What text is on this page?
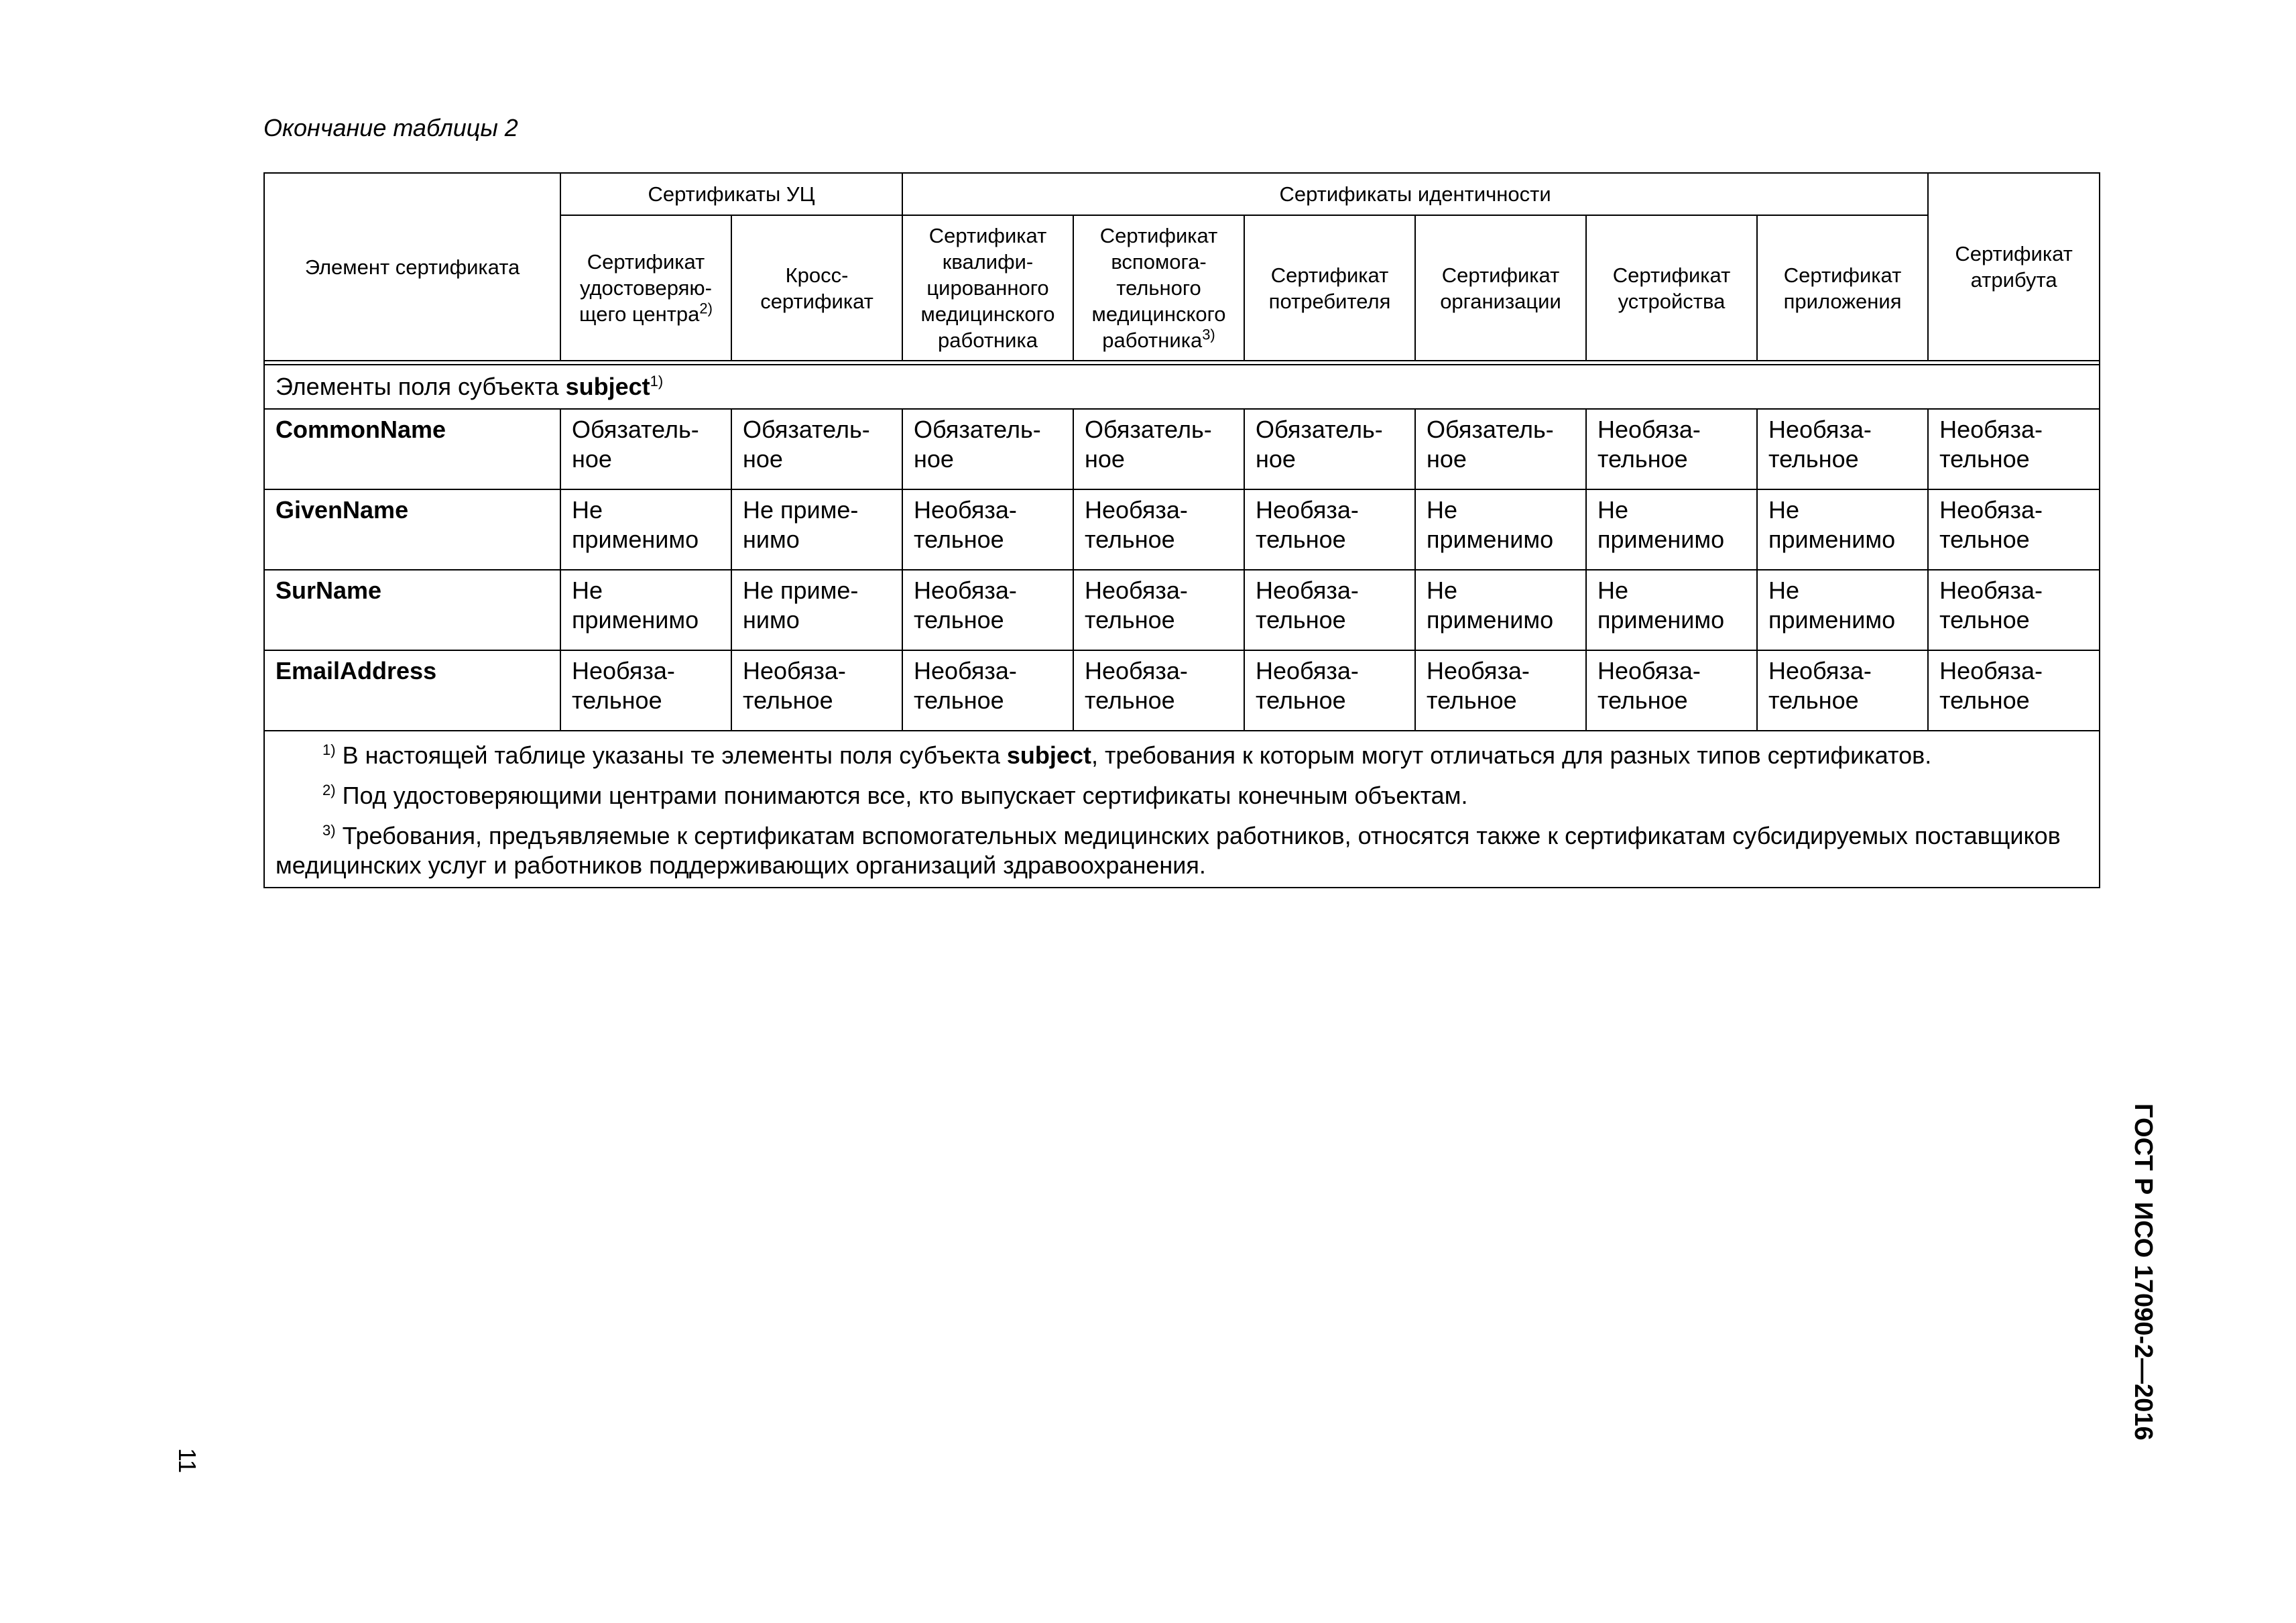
Окончание таблицы 2
Элемент сертификата	Сертификаты УЦ		Сертификаты идентичности						Сертификат атрибута
	Сертификат удостоверяю-щего центра$^{2)}$	Кросс-сертификат	Сертификат квалифи-цированного медицинского работника	Сертификат вспомога-тельного медицинского работника$^{3)}$	Сертификат потребителя	Сертификат организации	Сертификат устройства	Сертификат приложения	

Элементы поля субъекта subject$^{1)}$
CommonName	Обязатель-ное	Обязатель-ное	Обязатель-ное	Обязатель-ное	Обязатель-ное	Обязатель-ное	Необяза-тельное	Необяза-тельное	Необяза-тельное
GivenName	Не применимо	Не приме-нимо	Необяза-тельное	Необяза-тельное	Необяза-тельное	Не применимо	Не применимо	Не применимо	Необяза-тельное
SurName	Не применимо	Не приме-нимо	Необяза-тельное	Необяза-тельное	Необяза-тельное	Не применимо	Не применимо	Не применимо	Необяза-тельное
EmailAddress	Необяза-тельное	Необяза-тельное	Необяза-тельное	Необяза-тельное	Необяза-тельное	Необяза-тельное	Необяза-тельное	Необяза-тельное	Необяза-тельное

$^{1)}$ В настоящей таблице указаны те элементы поля субъекта subject, требования к которым могут отличаться для разных типов сертификатов.
$^{2)}$ Под удостоверяющими центрами понимаются все, кто выпускает сертификаты конечным объектам.
$^{3)}$ Требования, предъявляемые к сертификатам вспомогательных медицинских работников, относятся также к сертификатам субсидируемых поставщиков медицинских услуг и работников поддерживающих организаций здравоохранения.									
11
ГОСТ Р ИСО 17090-2—2016
